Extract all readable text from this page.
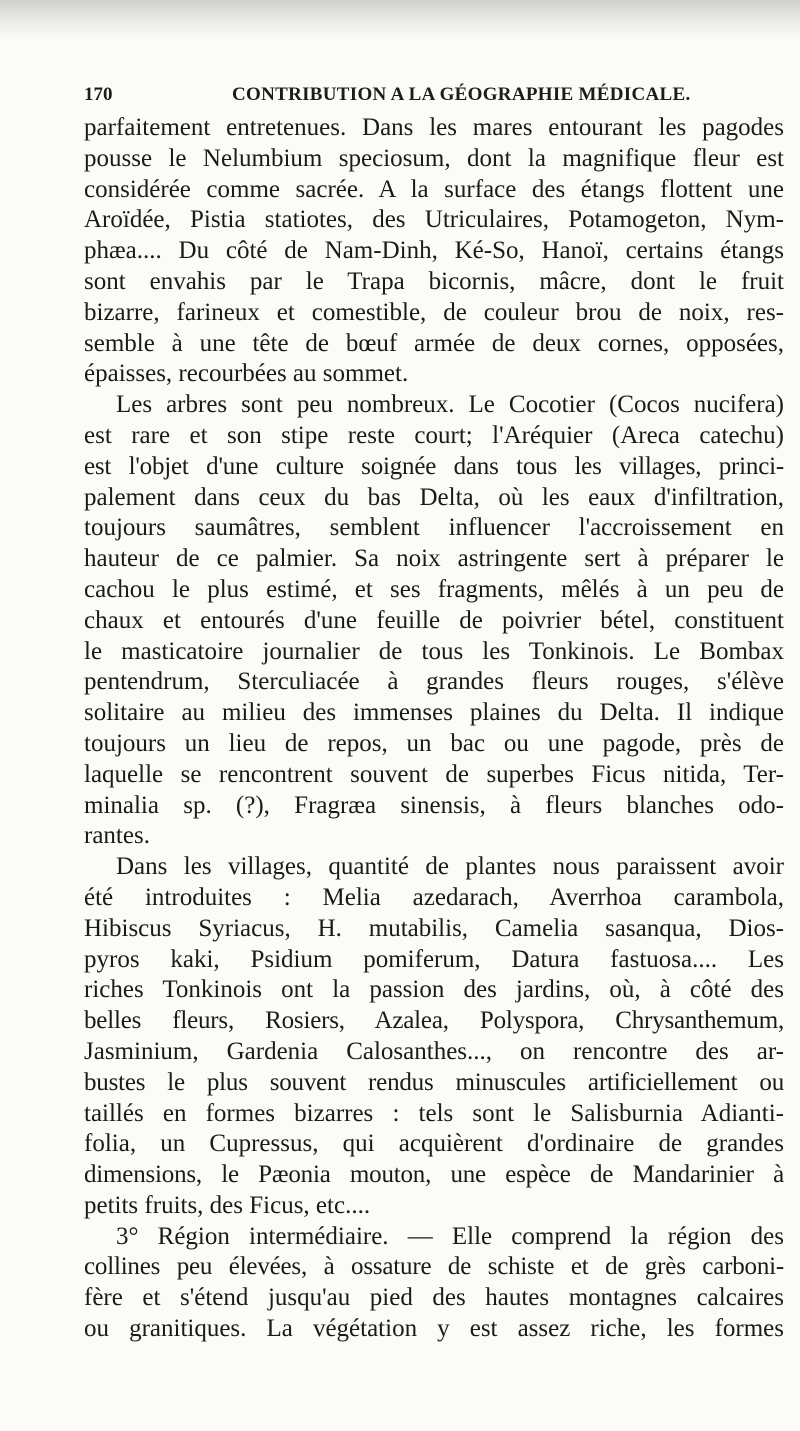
170	CONTRIBUTION A LA GÉOGRAPHIE MÉDICALE.
parfaitement entretenues. Dans les mares entourant les pagodes
pousse le Nelumbium speciosum, dont la magnifique fleur est
considérée comme sacrée. A la surface des étangs flottent une
Aroïdée, Pistia statiotes, des Utriculaires, Potamogeton, Nym-
phæa.... Du côté de Nam-Dinh, Ké-So, Hanoï, certains étangs
sont envahis par le Trapa bicornis, mâcre, dont le fruit
bizarre, farineux et comestible, de couleur brou de noix, res-
semble à une tête de bœuf armée de deux cornes, opposées,
épaisses, recourbées au sommet.
Les arbres sont peu nombreux. Le Cocotier (Cocos nucifera)
est rare et son stipe reste court; l'Aréquier (Areca catechu)
est l'objet d'une culture soignée dans tous les villages, princi-
palement dans ceux du bas Delta, où les eaux d'infiltration,
toujours saumâtres, semblent influencer l'accroissement en
hauteur de ce palmier. Sa noix astringente sert à préparer le
cachou le plus estimé, et ses fragments, mêlés à un peu de
chaux et entourés d'une feuille de poivrier bétel, constituent
le masticatoire journalier de tous les Tonkinois. Le Bombax
pentendrum, Sterculiacée à grandes fleurs rouges, s'élève
solitaire au milieu des immenses plaines du Delta. Il indique
toujours un lieu de repos, un bac ou une pagode, près de
laquelle se rencontrent souvent de superbes Ficus nitida, Ter-
minalia sp. (?), Fragræa sinensis, à fleurs blanches odo-
rantes.
Dans les villages, quantité de plantes nous paraissent avoir
été introduites : Melia azedarach, Averrhoa carambola,
Hibiscus Syriacus, H. mutabilis, Camelia sasanqua, Dios-
pyros kaki, Psidium pomiferum, Datura fastuosa.... Les
riches Tonkinois ont la passion des jardins, où, à côté des
belles fleurs, Rosiers, Azalea, Polyspora, Chrysanthemum,
Jasminium, Gardenia Calosanthes..., on rencontre des ar-
bustes le plus souvent rendus minuscules artificiellement ou
taillés en formes bizarres : tels sont le Salisburnia Adianti-
folia, un Cupressus, qui acquièrent d'ordinaire de grandes
dimensions, le Pæonia mouton, une espèce de Mandarinier à
petits fruits, des Ficus, etc....
3° Région intermédiaire. — Elle comprend la région des
collines peu élevées, à ossature de schiste et de grès carboni-
fère et s'étend jusqu'au pied des hautes montagnes calcaires
ou granitiques. La végétation y est assez riche, les formes
